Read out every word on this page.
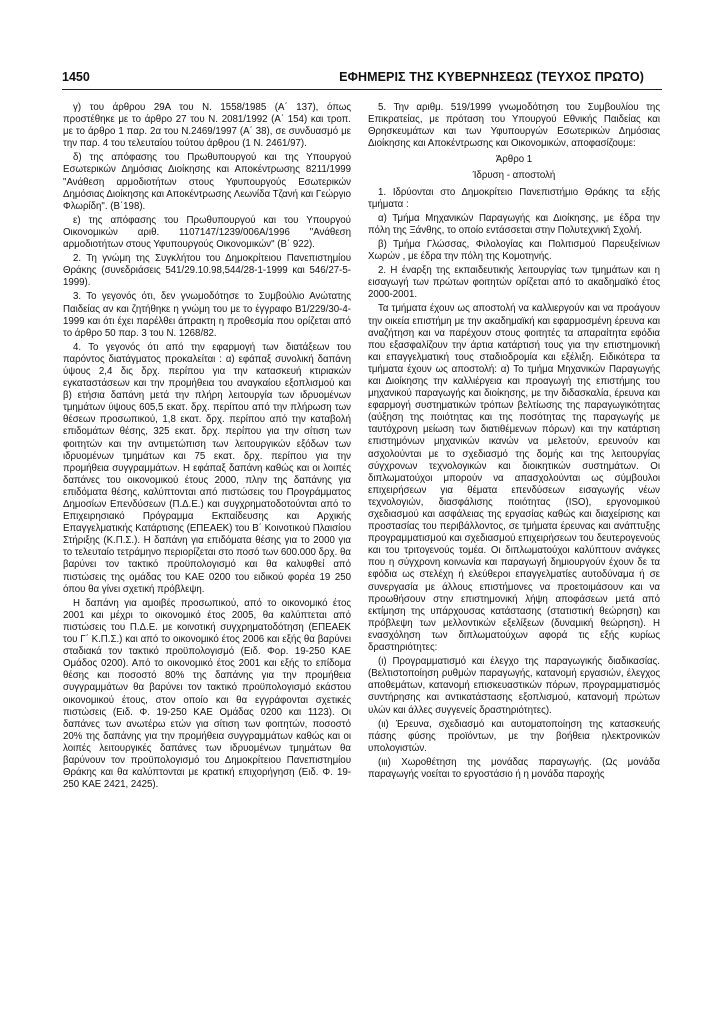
1450	ΕΦΗΜΕΡΙΣ ΤΗΣ ΚΥΒΕΡΝΗΣΕΩΣ (ΤΕΥΧΟΣ ΠΡΩΤΟ)

γ) του άρθρου 29Α του Ν. 1558/1985 (Α΄ 137), όπως προστέθηκε με το άρθρο 27 του Ν. 2081/1992 (Α΄ 154) και τροπ. με το άρθρο 1 παρ. 2α του Ν.2469/1997 (Α΄ 38), σε συνδυασμό με την παρ. 4 του τελευταίου τούτου άρθρου (1 Ν. 2461/97).

δ) της απόφασης του Πρωθυπουργού και της Υπουργού Εσωτερικών Δημόσιας Διοίκησης και Αποκέντρωσης 8211/1999 "Ανάθεση αρμοδιοτήτων στους Υφυπουργούς Εσωτερικών Δημόσιας Διοίκησης και Αποκέντρωσης Λεωνίδα Τζανή και Γεώργιο Φλωρίδη". (Β΄198).

ε) της απόφασης του Πρωθυπουργού και του Υπουργού Οικονομικών αριθ. 1107147/1239/006Α/1996 "Ανάθεση αρμοδιοτήτων στους Υφυπουργούς Οικονομικών" (Β΄ 922).

2. Τη γνώμη της Συγκλήτου του Δημοκρίτειου Πανεπιστημίου Θράκης (συνεδριάσεις 541/29.10.98,544/28-1-1999 και 546/27-5-1999).

3. Το γεγονός ότι, δεν γνωμοδότησε το Συμβούλιο Ανώτατης Παιδείας αν και ζητήθηκε η γνώμη του με το έγγραφο Β1/229/30-4-1999 και ότι έχει παρέλθει άπρακτη η προθεσμία που ορίζεται από το άρθρο 50 παρ. 3 του Ν. 1268/82.

4. Το γεγονός ότι από την εφαρμογή των διατάξεων του παρόντος διατάγματος προκαλείται : α) εφάπαξ συνολική δαπάνη ύψους 2,4 δις δρχ. περίπου για την κατασκευή κτιριακών εγκαταστάσεων και την προμήθεια του αναγκαίου εξοπλισμού και β) ετήσια δαπάνη μετά την πλήρη λειτουργία των ιδρυομένων τμημάτων ύψους 605,5 εκατ. δρχ. περίπου από την πλήρωση των θέσεων προσωπικού, 1,8 εκατ. δρχ. περίπου από την καταβολή επιδομάτων θέσης, 325 εκατ. δρχ. περίπου για την σίτιση των φοιτητών και την αντιμετώπιση των λειτουργικών εξόδων των ιδρυομένων τμημάτων και 75 εκατ. δρχ. περίπου για την προμήθεια συγγραμμάτων. Η εφάπαξ δαπάνη καθώς και οι λοιπές δαπάνες του οικονομικού έτους 2000, πλην της δαπάνης για επιδόματα θέσης, καλύπτονται από πιστώσεις του Προγράμματος Δημοσίων Επενδύσεων (Π.Δ.Ε.) και συγχρηματοδοτούνται από το Επιχειρησιακό Πρόγραμμα Εκπαίδευσης και Αρχικής Επαγγελματικής Κατάρτισης (ΕΠΕΑΕΚ) του Β΄ Κοινοτικού Πλαισίου Στήριξης (Κ.Π.Σ.). Η δαπάνη για επιδόματα θέσης για το 2000 για το τελευταίο τετράμηνο περιορίζεται στο ποσό των 600.000 δρχ. θα βαρύνει τον τακτικό προϋπολογισμό και θα καλυφθεί από πιστώσεις της ομάδας του ΚΑΕ 0200 του ειδικού φορέα 19 250 όπου θα γίνει σχετική πρόβλεψη.

Η δαπάνη για αμοιβές προσωπικού, από το οικονομικό έτος 2001 και μέχρι το οικονομικό έτος 2005, θα καλύπτεται από πιστώσεις του Π.Δ.Ε. με κοινοτική συγχρηματοδότηση (ΕΠΕΑΕΚ του Γ΄ Κ.Π.Σ.) και από το οικονομικό έτος 2006 και εξής θα βαρύνει σταδιακά τον τακτικό προϋπολογισμό (Ειδ. Φορ. 19-250 ΚΑΕ Ομάδος 0200). Από το οικονομικό έτος 2001 και εξής το επίδομα θέσης και ποσοστό 80% της δαπάνης για την προμήθεια συγγραμμάτων θα βαρύνει τον τακτικό προϋπολογισμό εκάστου οικονομικού έτους, στον οποίο και θα εγγράφονται σχετικές πιστώσεις (Ειδ. Φ. 19-250 ΚΑΕ Ομάδας 0200 και 1123). Οι δαπάνες των ανωτέρω ετών για σίτιση των φοιτητών, ποσοστό 20% της δαπάνης για την προμήθεια συγγραμμάτων καθώς και οι λοιπές λειτουργικές δαπάνες των ιδρυομένων τμημάτων θα βαρύνουν τον προϋπολογισμό του Δημοκρίτειου Πανεπιστημίου Θράκης και θα καλύπτονται με κρατική επιχορήγηση (Ειδ. Φ. 19-250 ΚΑΕ 2421, 2425).

5. Την αριθμ. 519/1999 γνωμοδότηση του Συμβουλίου της Επικρατείας, με πρόταση του Υπουργού Εθνικής Παιδείας και Θρησκευμάτων και των Υφυπουργών Εσωτερικών Δημόσιας Διοίκησης και Αποκέντρωσης και Οικονομικών, αποφασίζουμε:

Άρθρο 1

Ίδρυση - αποστολή

1. Ιδρύονται στο Δημοκρίτειο Πανεπιστήμιο Θράκης τα εξής τμήματα :

α) Τμήμα Μηχανικών Παραγωγής και Διοίκησης, με έδρα την πόλη της Ξάνθης, το οποίο εντάσσεται στην Πολυτεχνική Σχολή.

β) Τμήμα Γλώσσας, Φιλολογίας και Πολιτισμού Παρευξείνιων Χωρών , με έδρα την πόλη της Κομοτηνής.

2. Η έναρξη της εκπαιδευτικής λειτουργίας των τμημάτων και η εισαγωγή των πρώτων φοιτητών ορίζεται από το ακαδημαϊκό έτος 2000-2001.

Τα τμήματα έχουν ως αποστολή να καλλιεργούν και να προάγουν την οικεία επιστήμη με την ακαδημαϊκή και εφαρμοσμένη έρευνα και αναζήτηση και να παρέχουν στους φοιτητές τα απαραίτητα εφόδια που εξασφαλίζουν την άρτια κατάρτισή τους για την επιστημονική και επαγγελματική τους σταδιοδρομία και εξέλιξη. Ειδικότερα τα τμήματα έχουν ως αποστολή: α) Το τμήμα Μηχανικών Παραγωγής και Διοίκησης την καλλιέργεια και προαγωγή της επιστήμης του μηχανικού παραγωγής και διοίκησης, με την διδασκαλία, έρευνα και εφαρμογή συστηματικών τρόπων βελτίωσης της παραγωγικότητας (αύξηση της ποιότητας και της ποσότητας της παραγωγής με ταυτόχρονη μείωση των διατιθέμενων πόρων) και την κατάρτιση επιστημόνων μηχανικών ικανών να μελετούν, ερευνούν και ασχολούνται με το σχεδιασμό της δομής και της λειτουργίας σύγχρονων τεχνολογικών και διοικητικών συστημάτων. Οι διπλωματούχοι μπορούν να απασχολούνται ως σύμβουλοι επιχειρήσεων για θέματα επενδύσεων εισαγωγής νέων τεχνολογιών, διασφάλισης ποιότητας (ISO), εργονομικού σχεδιασμού και ασφάλειας της εργασίας καθώς και διαχείρισης και προστασίας του περιβάλλοντος, σε τμήματα έρευνας και ανάπτυξης προγραμματισμού και σχεδιασμού επιχειρήσεων του δευτερογενούς και του τριτογενούς τομέα. Οι διπλωματούχοι καλύπτουν ανάγκες που η σύγχρονη κοινωνία και παραγωγή δημιουργούν έχουν δε τα εφόδια ως στελέχη ή ελεύθεροι επαγγελματίες αυτοδύναμα ή σε συνεργασία με άλλους επιστήμονες να προετοιμάσουν και να προωθήσουν στην επιστημονική λήψη αποφάσεων μετά από εκτίμηση της υπάρχουσας κατάστασης (στατιστική θεώρηση) και πρόβλεψη των μελλοντικών εξελίξεων (δυναμική θεώρηση). Η ενασχόληση των διπλωματούχων αφορά τις εξής κυρίως δραστηριότητες:

(ι) Προγραμματισμό και έλεγχο της παραγωγικής διαδικασίας. (Βελτιστοποίηση ρυθμών παραγωγής, κατανομή εργασιών, έλεγχος αποθεμάτων, κατανομή επισκευαστικών πόρων, προγραμματισμός συντήρησης και αντικατάστασης εξοπλισμού, κατανομή πρώτων υλών και άλλες συγγενείς δραστηριότητες).

(ιι) Έρευνα, σχεδιασμό και αυτοματοποίηση της κατασκευής πάσης φύσης προϊόντων, με την βοήθεια ηλεκτρονικών υπολογιστών.

(ιιι) Χωροθέτηση της μονάδας παραγωγής. (Ως μονάδα παραγωγής νοείται το εργοστάσιο ή η μονάδα παροχής
